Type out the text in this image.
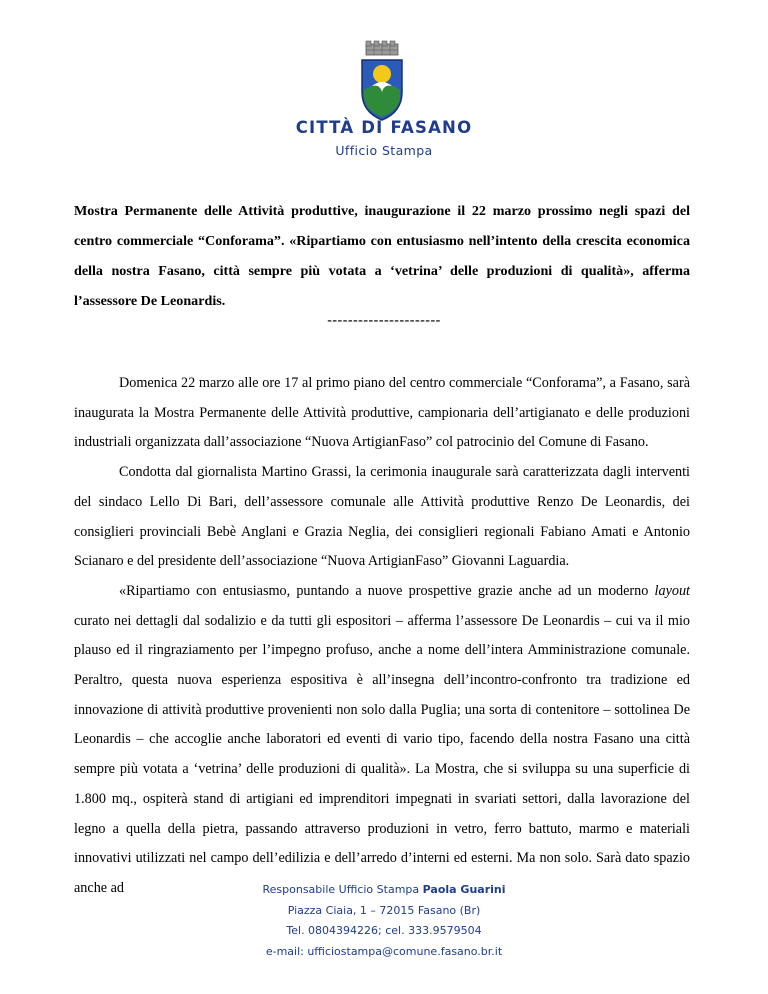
CITTÀ DI FASANO
Ufficio Stampa
Mostra Permanente delle Attività produttive, inaugurazione il 22 marzo prossimo negli spazi del centro commerciale “Conforama”. «Ripartiamo con entusiasmo nell’intento della crescita economica della nostra Fasano, città sempre più votata a ‘vetrina’ delle produzioni di qualità», afferma l’assessore De Leonardis.
----------------------

Domenica 22 marzo alle ore 17 al primo piano del centro commerciale “Conforama”, a Fasano, sarà inaugurata la Mostra Permanente delle Attività produttive, campionaria dell’artigianato e delle produzioni industriali organizzata dall’associazione “Nuova ArtigianFaso” col patrocinio del Comune di Fasano.

Condotta dal giornalista Martino Grassi, la cerimonia inaugurale sarà caratterizzata dagli interventi del sindaco Lello Di Bari, dell’assessore comunale alle Attività produttive Renzo De Leonardis, dei consiglieri provinciali Bebè Anglani e Grazia Neglia, dei consiglieri regionali Fabiano Amati e Antonio Scianaro e del presidente dell’associazione “Nuova ArtigianFaso” Giovanni Laguardia.

«Ripartiamo con entusiasmo, puntando a nuove prospettive grazie anche ad un moderno layout curato nei dettagli dal sodalizio e da tutti gli espositori – afferma l’assessore De Leonardis – cui va il mio plauso ed il ringraziamento per l’impegno profuso, anche a nome dell’intera Amministrazione comunale. Peraltro, questa nuova esperienza espositiva è all’insegna dell’incontro-confronto tra tradizione ed innovazione di attività produttive provenienti non solo dalla Puglia; una sorta di contenitore – sottolinea De Leonardis – che accoglie anche laboratori ed eventi di vario tipo, facendo della nostra Fasano una città sempre più votata a ‘vetrina’ delle produzioni di qualità». La Mostra, che si sviluppa su una superficie di 1.800 mq., ospiterà stand di artigiani ed imprenditori impegnati in svariati settori, dalla lavorazione del legno a quella della pietra, passando attraverso produzioni in vetro, ferro battuto, marmo e materiali innovativi utilizzati nel campo dell’edilizia e dell’arredo d’interni ed esterni. Ma non solo. Sarà dato spazio anche ad	Responsabile Ufficio Stampa Paola Guarini
Piazza Ciaia, 1 – 72015 Fasano (Br)
Tel. 0804394226; cel. 333.9579504
e-mail: ufficiostampa@comune.fasano.br.it
